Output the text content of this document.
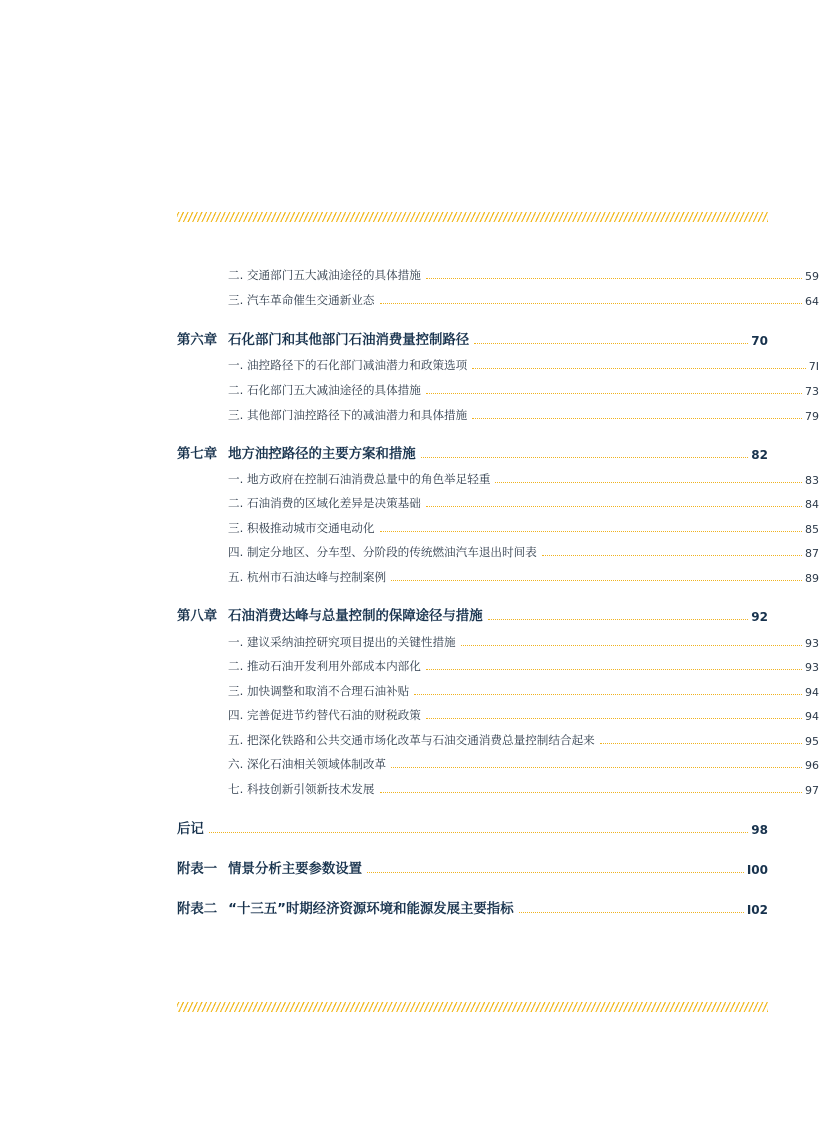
二. 交通部门五大减油途径的具体措施	59
三. 汽车革命催生交通新业态	64
第六章 石化部门和其他部门石油消费量控制路径	70
一. 油控路径下的石化部门减油潜力和政策选项	7I
二. 石化部门五大减油途径的具体措施	73
三. 其他部门油控路径下的减油潜力和具体措施	79
第七章 地方油控路径的主要方案和措施	82
一. 地方政府在控制石油消费总量中的角色举足轻重	83
二. 石油消费的区域化差异是决策基础	84
三. 积极推动城市交通电动化	85
四. 制定分地区、分车型、分阶段的传统燃油汽车退出时间表	87
五. 杭州市石油达峰与控制案例	89
第八章 石油消费达峰与总量控制的保障途径与措施	92
一. 建议采纳油控研究项目提出的关键性措施	93
二. 推动石油开发利用外部成本内部化	93
三. 加快调整和取消不合理石油补贴	94
四. 完善促进节约替代石油的财税政策	94
五. 把深化铁路和公共交通市场化改革与石油交通消费总量控制结合起来	95
六. 深化石油相关领域体制改革	96
七. 科技创新引领新技术发展	97
后记	98
附表一 情景分析主要参数设置	I00
附表二 “十三五”时期经济资源环境和能源发展主要指标	I02
